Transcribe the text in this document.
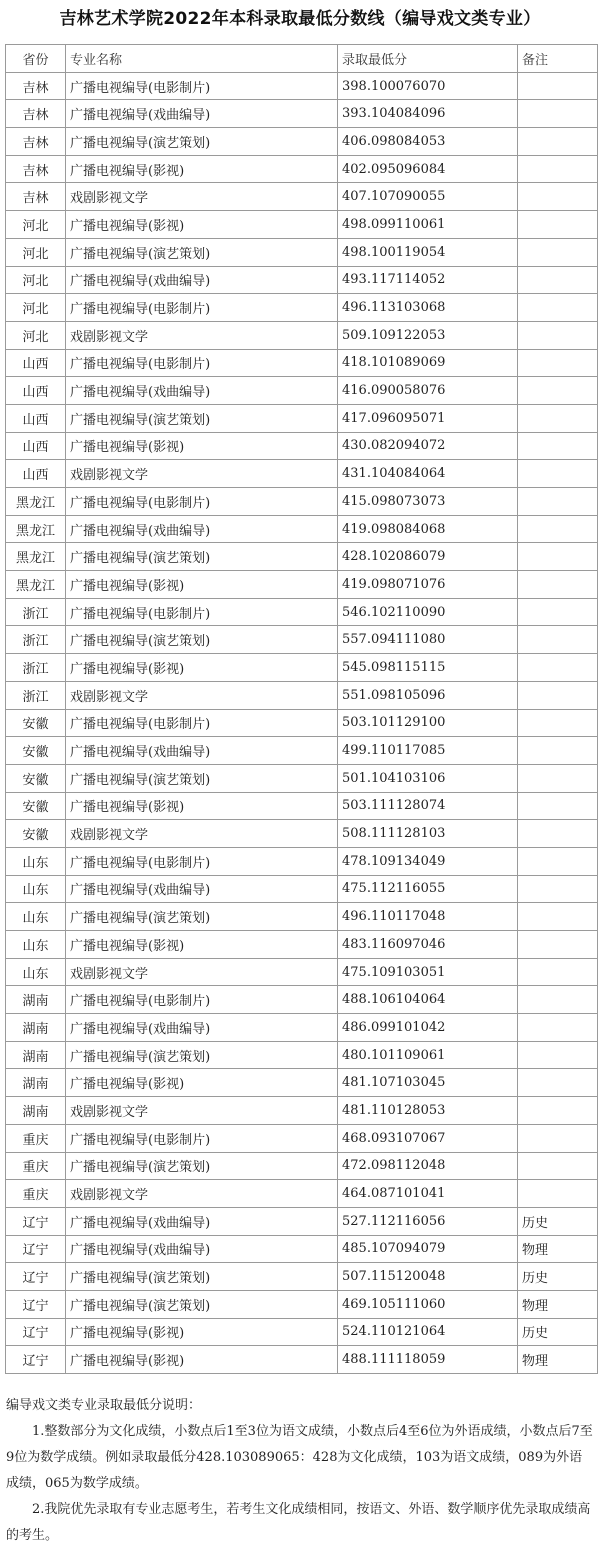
吉林艺术学院2022年本科录取最低分数线（编导戏文类专业）
省份	专业名称	录取最低分	备注
吉林	广播电视编导(电影制片)	398.100076070	
吉林	广播电视编导(戏曲编导)	393.104084096	
吉林	广播电视编导(演艺策划)	406.098084053	
吉林	广播电视编导(影视)	402.095096084	
吉林	戏剧影视文学	407.107090055	
河北	广播电视编导(影视)	498.099110061	
河北	广播电视编导(演艺策划)	498.100119054	
河北	广播电视编导(戏曲编导)	493.117114052	
河北	广播电视编导(电影制片)	496.113103068	
河北	戏剧影视文学	509.109122053	
山西	广播电视编导(电影制片)	418.101089069	
山西	广播电视编导(戏曲编导)	416.090058076	
山西	广播电视编导(演艺策划)	417.096095071	
山西	广播电视编导(影视)	430.082094072	
山西	戏剧影视文学	431.104084064	
黑龙江	广播电视编导(电影制片)	415.098073073	
黑龙江	广播电视编导(戏曲编导)	419.098084068	
黑龙江	广播电视编导(演艺策划)	428.102086079	
黑龙江	广播电视编导(影视)	419.098071076	
浙江	广播电视编导(电影制片)	546.102110090	
浙江	广播电视编导(演艺策划)	557.094111080	
浙江	广播电视编导(影视)	545.098115115	
浙江	戏剧影视文学	551.098105096	
安徽	广播电视编导(电影制片)	503.101129100	
安徽	广播电视编导(戏曲编导)	499.110117085	
安徽	广播电视编导(演艺策划)	501.104103106	
安徽	广播电视编导(影视)	503.111128074	
安徽	戏剧影视文学	508.111128103	
山东	广播电视编导(电影制片)	478.109134049	
山东	广播电视编导(戏曲编导)	475.112116055	
山东	广播电视编导(演艺策划)	496.110117048	
山东	广播电视编导(影视)	483.116097046	
山东	戏剧影视文学	475.109103051	
湖南	广播电视编导(电影制片)	488.106104064	
湖南	广播电视编导(戏曲编导)	486.099101042	
湖南	广播电视编导(演艺策划)	480.101109061	
湖南	广播电视编导(影视)	481.107103045	
湖南	戏剧影视文学	481.110128053	
重庆	广播电视编导(电影制片)	468.093107067	
重庆	广播电视编导(演艺策划)	472.098112048	
重庆	戏剧影视文学	464.087101041	
辽宁	广播电视编导(戏曲编导)	527.112116056	历史
辽宁	广播电视编导(戏曲编导)	485.107094079	物理
辽宁	广播电视编导(演艺策划)	507.115120048	历史
辽宁	广播电视编导(演艺策划)	469.105111060	物理
辽宁	广播电视编导(影视)	524.110121064	历史
辽宁	广播电视编导(影视)	488.111118059	物理

编导戏文类专业录取最低分说明：

1.整数部分为文化成绩，小数点后1至3位为语文成绩，小数点后4至6位为外语成绩，小数点后7至9位为数学成绩。例如录取最低分428.103089065：428为文化成绩，103为语文成绩，089为外语成绩，065为数学成绩。

2.我院优先录取有专业志愿考生，若考生文化成绩相同，按语文、外语、数学顺序优先录取成绩高的考生。
